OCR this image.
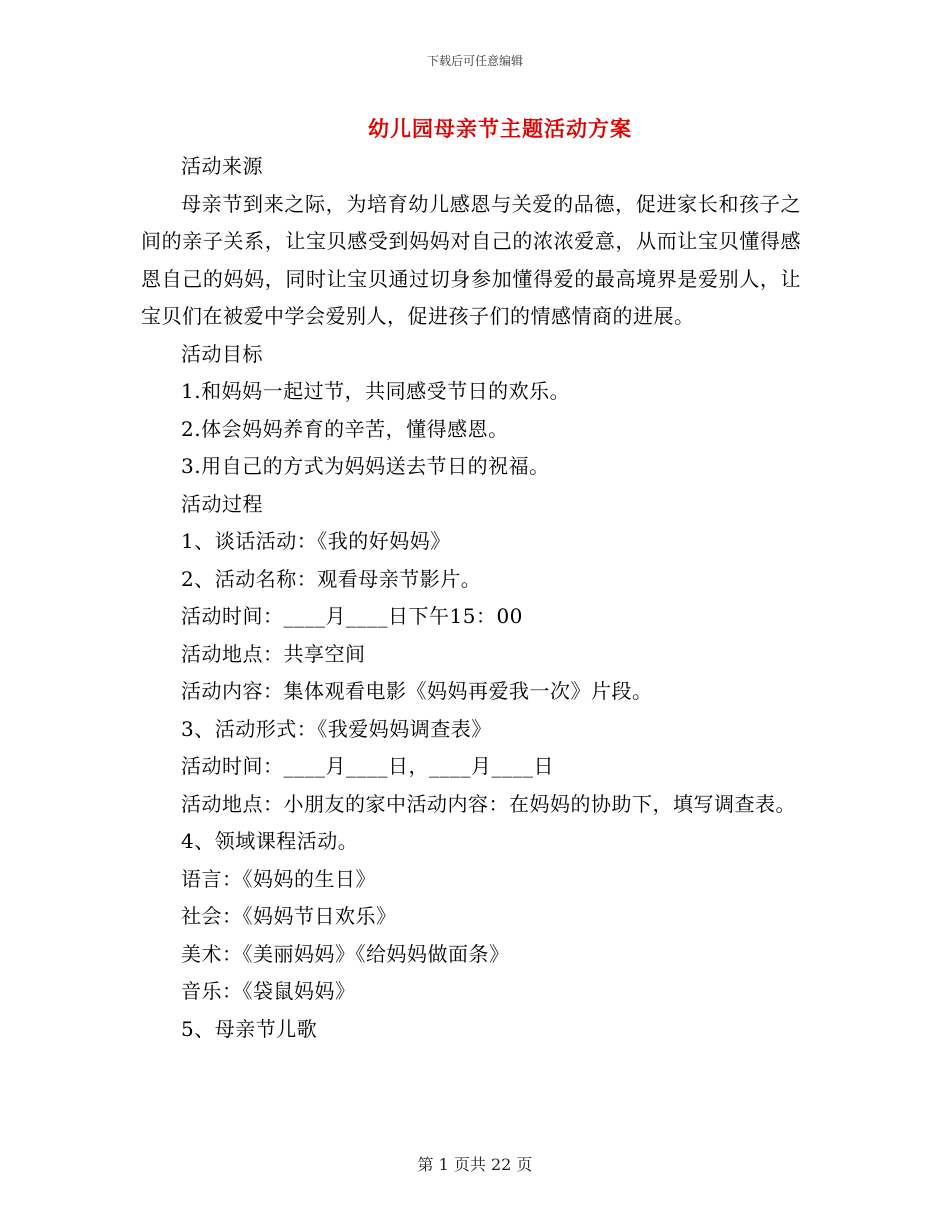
下载后可任意编辑
幼儿园母亲节主题活动方案

活动来源

母亲节到来之际，为培育幼儿感恩与关爱的品德，促进家长和孩子之间的亲子关系，让宝贝感受到妈妈对自己的浓浓爱意，从而让宝贝懂得感恩自己的妈妈，同时让宝贝通过切身参加懂得爱的最高境界是爱别人，让宝贝们在被爱中学会爱别人，促进孩子们的情感情商的进展。

活动目标

1.和妈妈一起过节，共同感受节日的欢乐。

2.体会妈妈养育的辛苦，懂得感恩。

3.用自己的方式为妈妈送去节日的祝福。

活动过程

1、谈话活动：《我的好妈妈》

2、活动名称：观看母亲节影片。

活动时间：____月____日下午15：00

活动地点：共享空间

活动内容：集体观看电影《妈妈再爱我一次》片段。

3、活动形式：《我爱妈妈调查表》

活动时间：____月____日，____月____日

活动地点：小朋友的家中活动内容：在妈妈的协助下，填写调查表。

4、领域课程活动。

语言：《妈妈的生日》

社会：《妈妈节日欢乐》

美术：《美丽妈妈》《给妈妈做面条》

音乐：《袋鼠妈妈》

5、母亲节儿歌

第 1 页共 22 页
